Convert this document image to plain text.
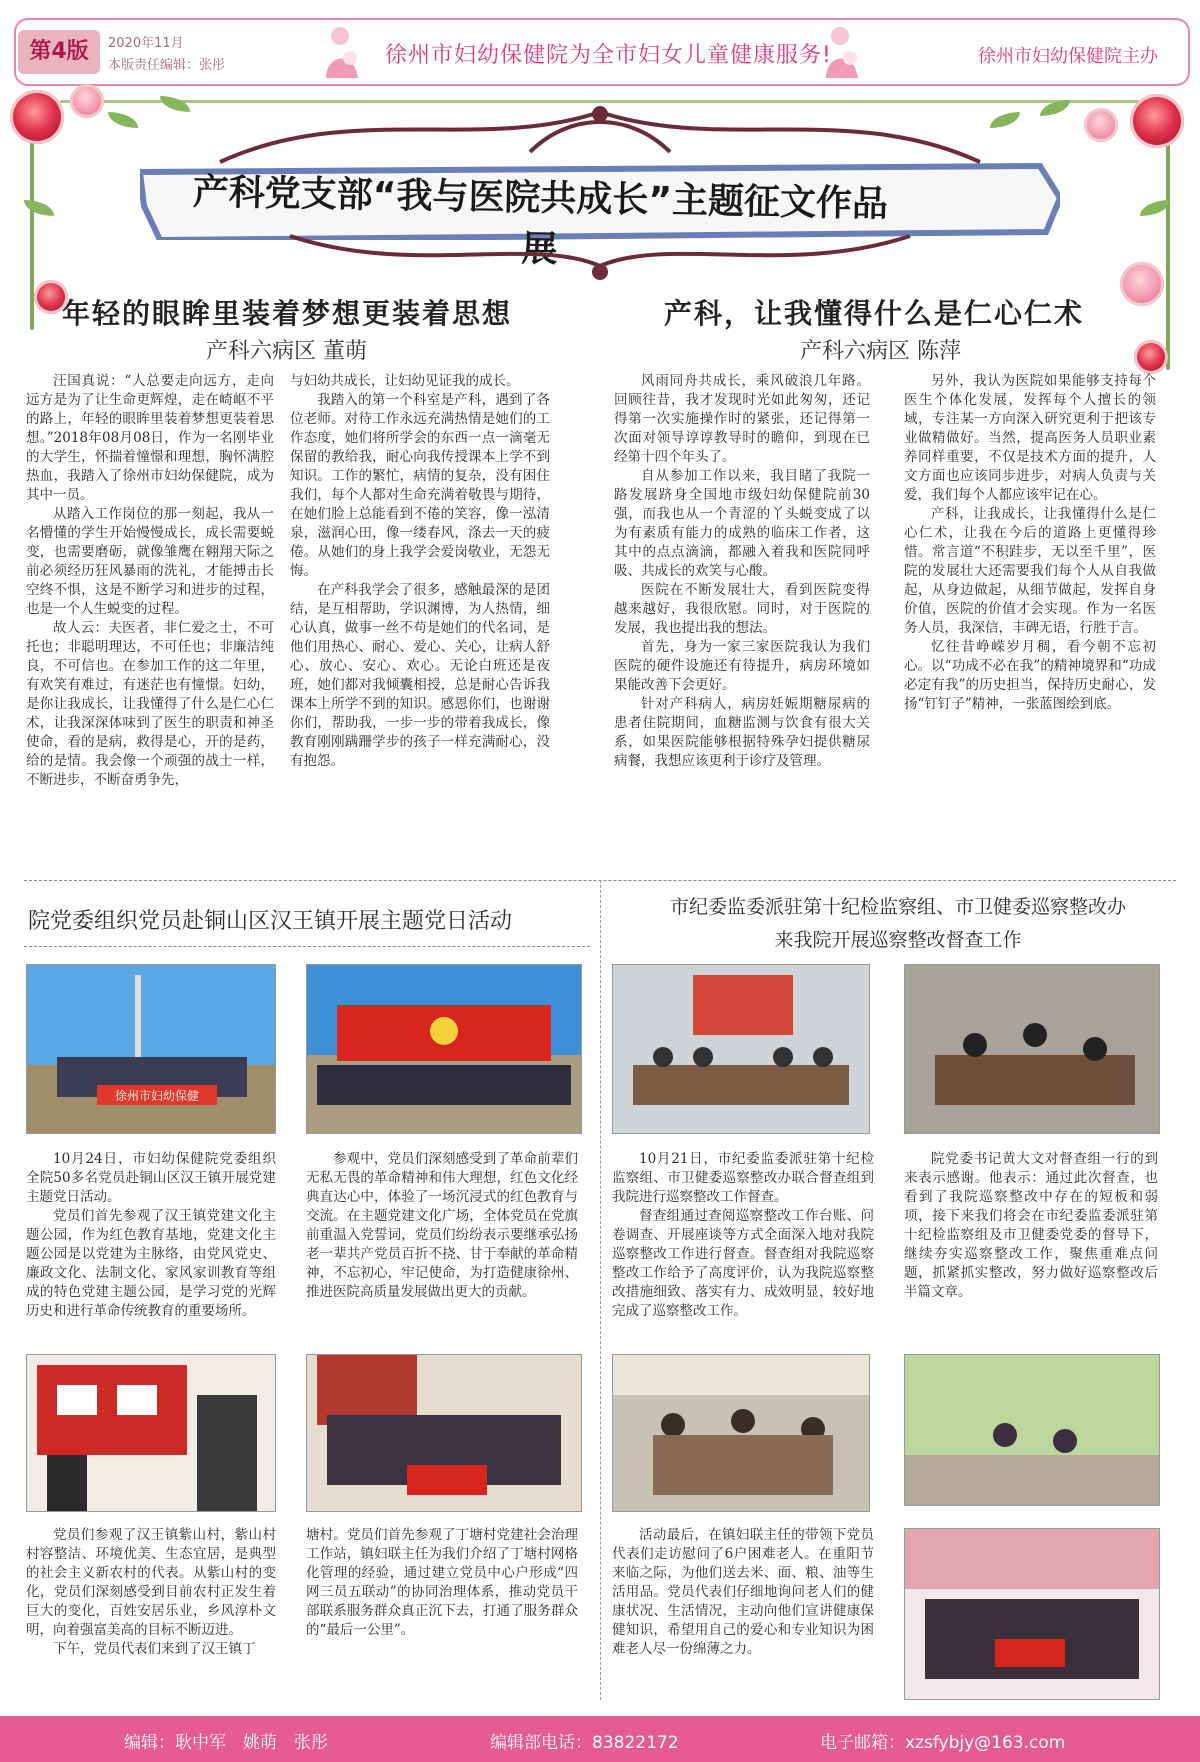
第4版	2020年11月
本版责任编辑：张彤	徐州市妇幼保健院为全市妇女儿童健康服务!	徐州市妇幼保健院主办
产科党支部“我与医院共成长”主题征文作品展
年轻的眼眸里装着梦想更装着思想
产科六病区 董萌

汪国真说：“人总要走向远方，走向远方是为了让生命更辉煌，走在崎岖不平的路上，年轻的眼眸里装着梦想更装着思想。”2018年08月08日，作为一名刚毕业的大学生，怀揣着憧憬和理想，胸怀满腔热血，我踏入了徐州市妇幼保健院，成为其中一员。

从踏入工作岗位的那一刻起，我从一名懵懂的学生开始慢慢成长，成长需要蜕变，也需要磨砺，就像雏鹰在翱翔天际之前必须经历狂风暴雨的洗礼，才能搏击长空终不惧，这是不断学习和进步的过程，也是一个人生蜕变的过程。

故人云：夫医者，非仁爱之士，不可托也；非聪明理达，不可任也；非廉洁纯良，不可信也。在参加工作的这二年里，有欢笑有难过，有迷茫也有憧憬。妇幼，是你让我成长，让我懂得了什么是仁心仁术，让我深深体味到了医生的职责和神圣使命，看的是病，救得是心，开的是药，给的是情。我会像一个顽强的战士一样，不断进步，不断奋勇争先，

与妇幼共成长，让妇幼见证我的成长。

我踏入的第一个科室是产科，遇到了各位老师。对待工作永远充满热情是她们的工作态度，她们将所学会的东西一点一滴毫无保留的教给我，耐心向我传授课本上学不到知识。工作的繁忙，病情的复杂，没有困住我们，每个人都对生命充满着敬畏与期待，在她们脸上总能看到不倦的笑容，像一泓清泉，滋润心田，像一缕春风，涤去一天的疲倦。从她们的身上我学会爱岗敬业，无怨无悔。

在产科我学会了很多，感触最深的是团结，是互相帮助，学识渊博，为人热情，细心认真，做事一丝不苟是她们的代名词，是他们用热心、耐心、爱心、关心，让病人舒心、放心、安心、欢心。无论白班还是夜班，她们都对我倾囊相授，总是耐心告诉我课本上所学不到的知识。感恩你们，也谢谢你们，帮助我，一步一步的带着我成长，像教育刚刚蹒跚学步的孩子一样充满耐心，没有抱怨。

产科，让我懂得什么是仁心仁术
产科六病区 陈萍

风雨同舟共成长，乘风破浪几年路。回顾往昔，我才发现时光如此匆匆，还记得第一次实施操作时的紧张，还记得第一次面对领导谆谆教导时的瞻仰，到现在已经第十四个年头了。

自从参加工作以来，我目睹了我院一路发展跻身全国地市级妇幼保健院前30强，而我也从一个青涩的丫头蜕变成了以为有素质有能力的成熟的临床工作者，这其中的点点滴滴，都融入着我和医院同呼吸、共成长的欢笑与心酸。

医院在不断发展壮大，看到医院变得越来越好，我很欣慰。同时，对于医院的发展，我也提出我的想法。

首先，身为一家三家医院我认为我们医院的硬件设施还有待提升，病房环境如果能改善下会更好。

针对产科病人，病房妊娠期糖尿病的患者住院期间，血糖监测与饮食有很大关系，如果医院能够根据特殊孕妇提供糖尿病餐，我想应该更利于诊疗及管理。

另外，我认为医院如果能够支持每个医生个体化发展，发挥每个人擅长的领域，专注某一方向深入研究更利于把该专业做精做好。当然，提高医务人员职业素养同样重要，不仅是技术方面的提升，人文方面也应该同步进步，对病人负责与关爱，我们每个人都应该牢记在心。

产科，让我成长，让我懂得什么是仁心仁术，让我在今后的道路上更懂得珍惜。常言道“不积跬步，无以至千里”，医院的发展壮大还需要我们每个人从自我做起，从身边做起，从细节做起，发挥自身价值，医院的价值才会实现。作为一名医务人员，我深信，丰碑无语，行胜于言。

忆往昔峥嵘岁月稠，看今朝不忘初心。以“功成不必在我”的精神境界和“功成必定有我”的历史担当，保持历史耐心，发扬“钉钉子”精神，一张蓝图绘到底。

院党委组织党员赴铜山区汉王镇开展主题党日活动
徐州市妇幼保健

10月24日，市妇幼保健院党委组织全院50多名党员赴铜山区汉王镇开展党建主题党日活动。

党员们首先参观了汉王镇党建文化主题公园，作为红色教育基地，党建文化主题公园是以党建为主脉络，由党风党史、廉政文化、法制文化、家风家训教育等组成的特色党建主题公园，是学习党的光辉历史和进行革命传统教育的重要场所。

参观中，党员们深刻感受到了革命前辈们无私无畏的革命精神和伟大理想，红色文化经典直达心中，体验了一场沉浸式的红色教育与交流。在主题党建文化广场，全体党员在党旗前重温入党誓词，党员们纷纷表示要继承弘扬老一辈共产党员百折不挠、甘于奉献的革命精神，不忘初心，牢记使命，为打造健康徐州、推进医院高质量发展做出更大的贡献。

党员们参观了汉王镇紫山村，紫山村村容整洁、环境优美、生态宜居，是典型的社会主义新农村的代表。从紫山村的变化，党员们深刻感受到目前农村正发生着巨大的变化，百姓安居乐业，乡风淳朴文明，向着强富美高的目标不断迈进。

下午，党员代表们来到了汉王镇丁

塘村。党员们首先参观了丁塘村党建社会治理工作站，镇妇联主任为我们介绍了丁塘村网格化管理的经验，通过建立党员中心户形成“四网三员五联动”的协同治理体系，推动党员干部联系服务群众真正沉下去，打通了服务群众的“最后一公里”。

市纪委监委派驻第十纪检监察组、市卫健委巡察整改办
来我院开展巡察整改督查工作

10月21日，市纪委监委派驻第十纪检监察组、市卫健委巡察整改办联合督查组到我院进行巡察整改工作督查。

督查组通过查阅巡察整改工作台账、问卷调查、开展座谈等方式全面深入地对我院巡察整改工作进行督查。督查组对我院巡察整改工作给予了高度评价，认为我院巡察整改措施细致、落实有力、成效明显，较好地完成了巡察整改工作。

院党委书记黄大文对督查组一行的到来表示感谢。他表示：通过此次督查，也看到了我院巡察整改中存在的短板和弱项，接下来我们将会在市纪委监委派驻第十纪检监察组及市卫健委党委的督导下，继续夯实巡察整改工作，聚焦重难点问题，抓紧抓实整改，努力做好巡察整改后半篇文章。

活动最后，在镇妇联主任的带领下党员代表们走访慰问了6户困难老人。在重阳节来临之际，为他们送去米、面、粮、油等生活用品。党员代表们仔细地询问老人们的健康状况、生活情况，主动向他们宣讲健康保健知识，希望用自己的爱心和专业知识为困难老人尽一份绵薄之力。

编辑：耿中军　姚萌　张彤	编辑部电话：83822172	电子邮箱：xzsfybjy@163.com
